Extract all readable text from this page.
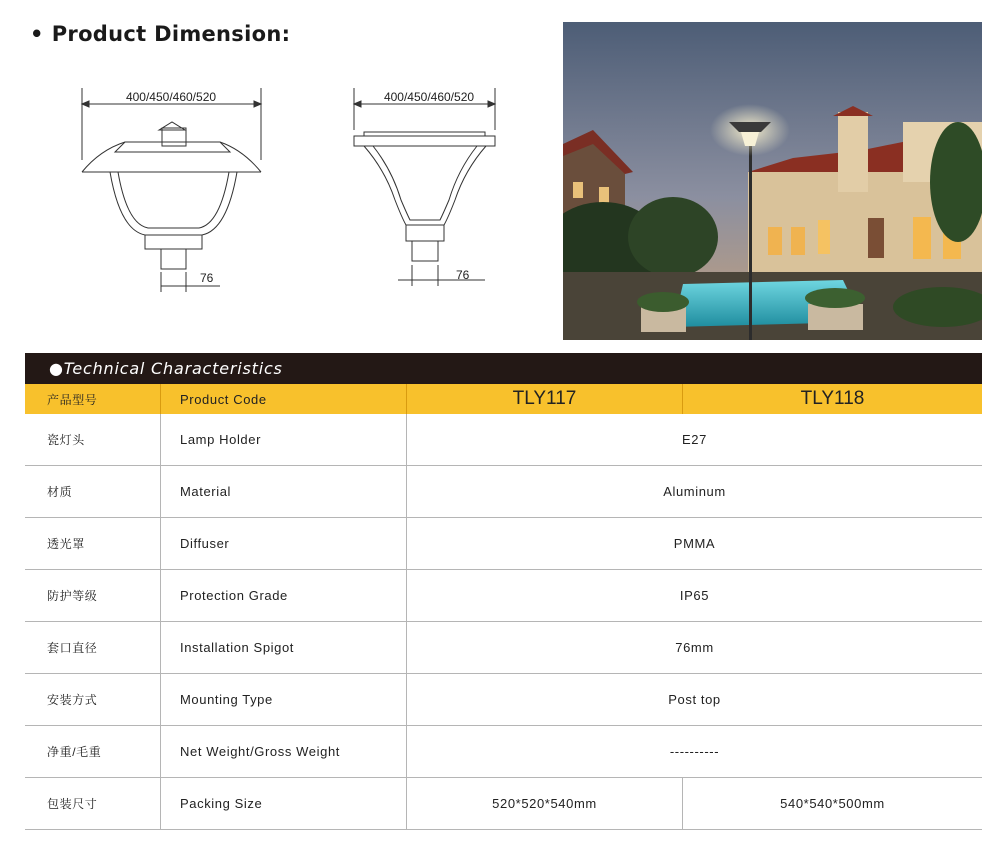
• Product Dimension:
400/450/460/520
76
400/450/460/520
76
●Technical Characteristics
产品型号	Product Code	TLY117	TLY118
瓷灯头	Lamp Holder	E27
材质	Material	Aluminum
透光罩	Diffuser	PMMA
防护等级	Protection Grade	IP65
套口直径	Installation Spigot	76mm
安装方式	Mounting Type	Post top
净重/毛重	Net Weight/Gross Weight	----------
包装尺寸	Packing Size	520*520*540mm	540*540*500mm
